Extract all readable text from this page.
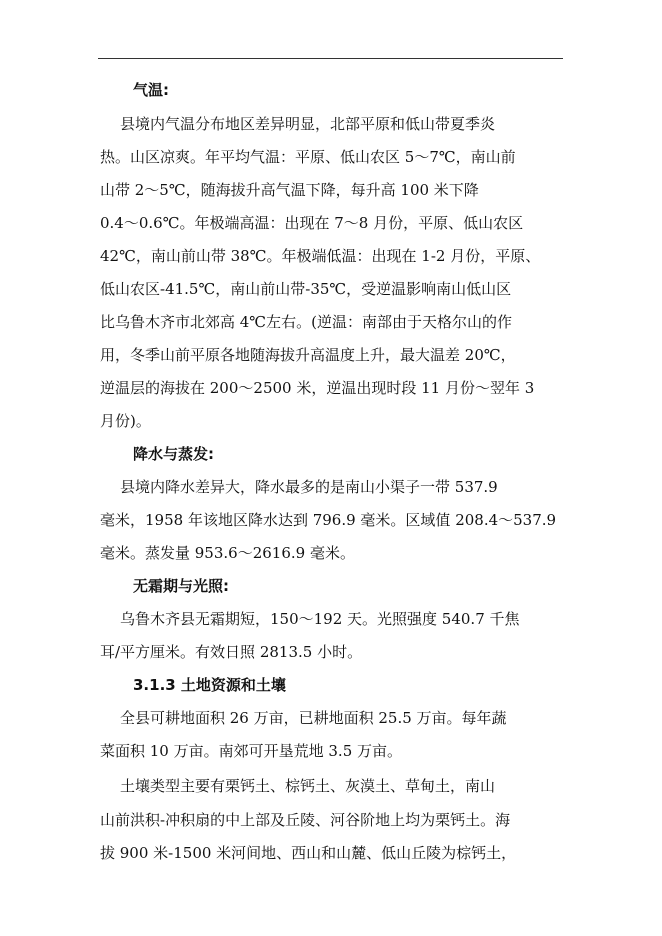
气温:
县境内气温分布地区差异明显，北部平原和低山带夏季炎
热。山区凉爽。年平均气温：平原、低山农区 5～7℃，南山前
山带 2～5℃，随海拔升高气温下降，每升高 100 米下降
0.4～0.6℃。年极端高温：出现在 7～8 月份，平原、低山农区
42℃，南山前山带 38℃。年极端低温：出现在 1-2 月份，平原、
低山农区-41.5℃，南山前山带-35℃，受逆温影响南山低山区
比乌鲁木齐市北郊高 4℃左右。(逆温：南部由于天格尔山的作
用，冬季山前平原各地随海拔升高温度上升，最大温差 20℃，
逆温层的海拔在 200～2500 米，逆温出现时段 11 月份～翌年 3
月份)。
降水与蒸发:
县境内降水差异大，降水最多的是南山小渠子一带 537.9
毫米，1958 年该地区降水达到 796.9 毫米。区域值 208.4～537.9
毫米。蒸发量 953.6～2616.9 毫米。
无霜期与光照:
乌鲁木齐县无霜期短，150～192 天。光照强度 540.7 千焦
耳/平方厘米。有效日照 2813.5 小时。
3.1.3 土地资源和土壤
全县可耕地面积 26 万亩，已耕地面积 25.5 万亩。每年蔬
菜面积 10 万亩。南郊可开垦荒地 3.5 万亩。
土壤类型主要有栗钙土、棕钙土、灰漠土、草甸土，南山
山前洪积-冲积扇的中上部及丘陵、河谷阶地上均为栗钙土。海
拔 900 米-1500 米河间地、西山和山麓、低山丘陵为棕钙土，
